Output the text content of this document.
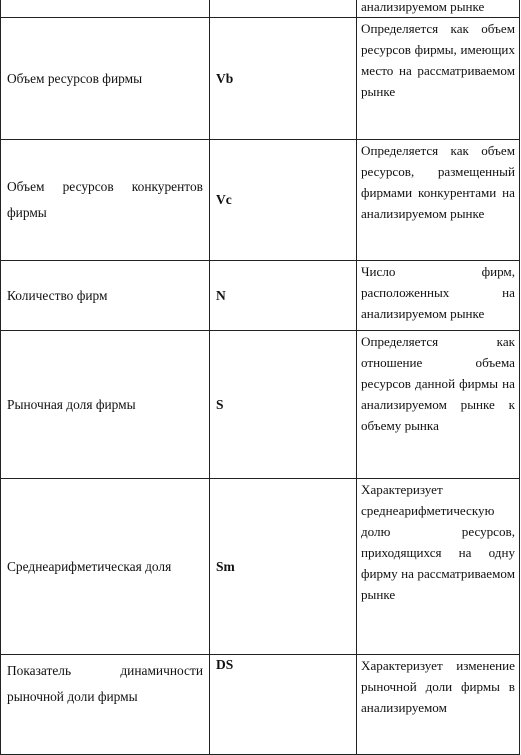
		анализируемом рынке
Объем ресурсов фирмы	Vb	Определяется как объем ресурсов фирмы, имеющих место на рассматриваемом рынке
Объем ресурсов конкурентов фирмы	Vc	Определяется как объем ресурсов, размещенный фирмами конкурентами на анализируемом рынке
Количество фирм	N	Число фирм, расположенных на анализируемом рынке
Рыночная доля фирмы	S	Определяется как отношение объема ресурсов данной фирмы на анализируемом рынке к объему рынка
Среднеарифметическая доля	Sm	Характеризует среднеарифметическую долю ресурсов, приходящихся на одну фирму на рассматриваемом рынке
Показатель динамичности рыночной доли фирмы	DS	Характеризует изменение рыночной доли фирмы в анализируемом
